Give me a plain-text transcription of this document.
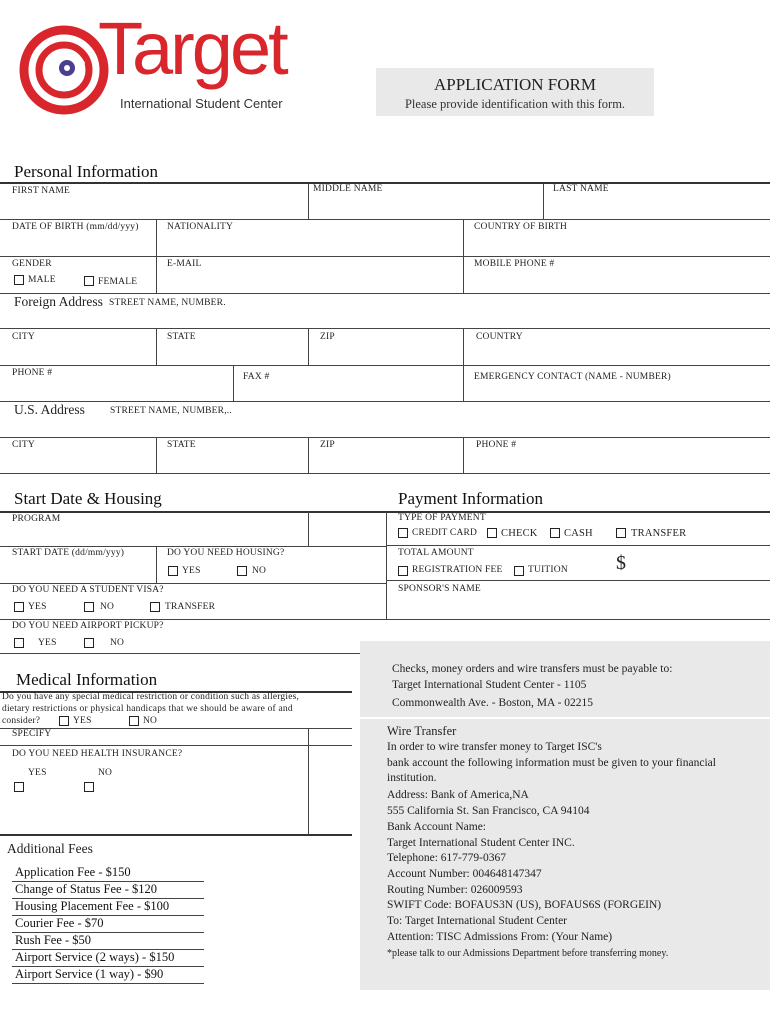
Target
International Student Center
APPLICATION FORM
Please provide identification with this form.
Personal Information
FIRST NAME	MIDDLE NAME	LAST NAME
DATE OF BIRTH (mm/dd/yyy)	NATIONALITY	COUNTRY OF BIRTH
GENDER	E-MAIL	MOBILE PHONE #
MALE	FEMALE
Foreign Address STREET NAME, NUMBER.
CITY	STATE	ZIP	COUNTRY
PHONE #	FAX #	EMERGENCY CONTACT (NAME - NUMBER)
U.S. Address	STREET NAME, NUMBER,..
CITY	STATE	ZIP	PHONE #
Start Date & Housing
PROGRAM
START DATE (dd/mm/yyy)	DO YOU NEED HOUSING?
YES	NO
DO YOU NEED A STUDENT VISA?
YES	NO	TRANSFER
DO YOU NEED AIRPORT PICKUP?
YES	NO
Payment Information
TYPE OF PAYMENT
CREDIT CARD CHECK	CASH	TRANSFER
TOTAL AMOUNT
REGISTRATION FEE	TUITION $
SPONSOR'S NAME
Medical Information
Do you have any special medical restriction or condition such as allergies,
dietary restrictions or physical handicaps that we should be aware of and
consider?	YES	NO
SPECIFY
DO YOU NEED HEALTH INSURANCE?
YES	NO
Additional Fees
Application Fee - $150
Change of Status Fee - $120
Housing Placement Fee - $100
Courier Fee - $70
Rush Fee - $50
Airport Service (2 ways) - $150
Airport Service (1 way) - $90
Checks, money orders and wire transfers must be payable to:
Target International Student Center - 1105
Commonwealth Ave. - Boston, MA - 02215
Wire Transfer
In order to wire transfer money to Target ISC's
bank account the following information must be given to your financial
institution.
Address: Bank of America,NA
555 California St. San Francisco, CA 94104
Bank Account Name:
Target International Student Center INC.
Telephone: 617-779-0367
Account Number: 004648147347
Routing Number: 026009593
SWIFT Code: BOFAUS3N (US), BOFAUS6S (FORGEIN)
To: Target International Student Center
Attention: TISC Admissions From: (Your Name)
*please talk to our Admissions Department before transferring money.
